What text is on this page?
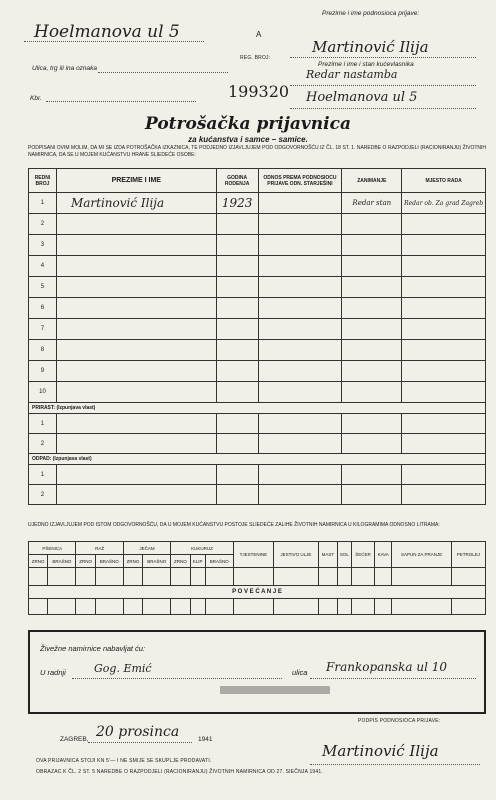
Hoelmanova ul 5
Ulica, trg ili ina oznaka
Kbr.
A
REG. BROJ:
199320
Prezime i ime podnosioca prijave:
Martinović Ilija
Prezime i ime i stan kućevlasnika
Redar nastamba
Hoelmanova ul 5
Potrošačka prijavnica
za kućanstva i samce – samice.
PODPISANI OVIM MOLIM, DA MI SE IZDA POTROŠAČKA IZKAZNICA, TE PODJEDNO IZJAVLJUJEM POD ODGOVORNOŠĆU IZ ČL. 18 ST. 1. NAREDBE O RAZPODJELI (RACIONIRANJU) ŽIVOTNIH NAMIRNICA, DA SE U MOJEM KUĆANSTVU HRANE SLIEDEĆE OSOBE:
REDNI BROJ	PREZIME I IME	GODINA RODENJA	ODNOS PREMA PODNOSIOCU PRIJAVE ODN. STARJEŠINI	ZANIMANJE	MJESTO RADA
1	Martinović Ilija	1923		Redar stan	Redar ob. Za grad Zagreb
2					
3					
4					
5					
6					
7					
8					
9					
10					
PRIRAST: (Izpunjava vlast)					
1					
2					
ODPAD: (Izpunjava vlast)					
1					
2					
UJEDNO IZJAVLJUJEM POD ISTOM ODGOVORNOŠĆU, DA U MOJEM KUĆANSTVU POSTOJE SLIEDEĆE ZALIHE ŽIVOTNIH NAMIRNICA U KILOGRAMIMA ODNOSNO LITRAMA:
PŠENICA		RAŽ		JEČAM		KUKURUZ			TJESTENINE	JESTIVO ULJE	MAST	SOL	ŠEĆER	KAVA	SAPUN ZA PRANJE	PETROLEJ
ZRNO	BRAŠNO	ZRNO	BRAŠNO	ZRNO	BRAŠNO	ZRNO	KLIP	BRAŠNO								

P O V E Ć A N J E																

Živežne namirnice nabavljat ću:
U radnji	Gog. Emić	ulica Frankopanska ul 10
ZAGREB, 20 prosinca	1941
PODPIS PODNOSIOCA PRIJAVE:
Martinović Ilija
OVA PRIJAVNICA STOJI KN 5'— I NE SMIJE SE SKUPLJE PRODAVATI.
OBRAZAC K ČL. 2 ST. 5 NAREDBE O RAZPODJELI (RACIONIRANJU) ŽIVOTNIH NAMIRNICA OD 27. SIEČNJA 1941.
